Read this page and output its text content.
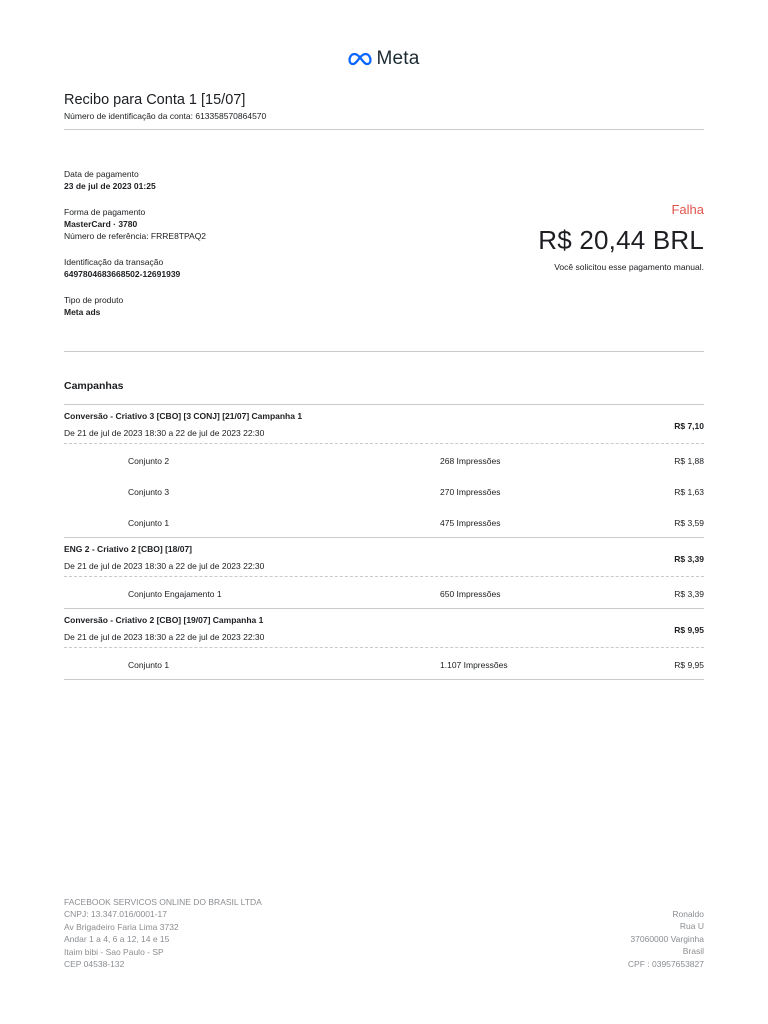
Meta
Recibo para Conta 1 [15/07]
Número de identificação da conta: 613358570864570
Data de pagamento
23 de jul de 2023 01:25
Forma de pagamento
MasterCard · 3780
Número de referência: FRRE8TPAQ2
Identificação da transação
6497804683668502-12691939
Tipo de produto
Meta ads
Falha
R$ 20,44 BRL
Você solicitou esse pagamento manual.
Campanhas
Conversão - Criativo 3 [CBO] [3 CONJ] [21/07] Campanha 1
De 21 de jul de 2023 18:30 a 22 de jul de 2023 22:30
R$ 7,10
Conjunto 2	268 Impressões	R$ 1,88
Conjunto 3	270 Impressões	R$ 1,63
Conjunto 1	475 Impressões	R$ 3,59
ENG 2 - Criativo 2 [CBO] [18/07]
De 21 de jul de 2023 18:30 a 22 de jul de 2023 22:30
R$ 3,39
Conjunto Engajamento 1	650 Impressões	R$ 3,39
Conversão - Criativo 2 [CBO] [19/07] Campanha 1
De 21 de jul de 2023 18:30 a 22 de jul de 2023 22:30
R$ 9,95
Conjunto 1	1.107 Impressões	R$ 9,95
FACEBOOK SERVICOS ONLINE DO BRASIL LTDA
CNPJ: 13.347.016/0001-17
Av Brigadeiro Faria Lima 3732
Andar 1 a 4, 6 a 12, 14 e 15
Itaim bibi - Sao Paulo - SP
CEP 04538-132
Ronaldo
Rua U
37060000 Varginha
Brasil
CPF : 03957653827
